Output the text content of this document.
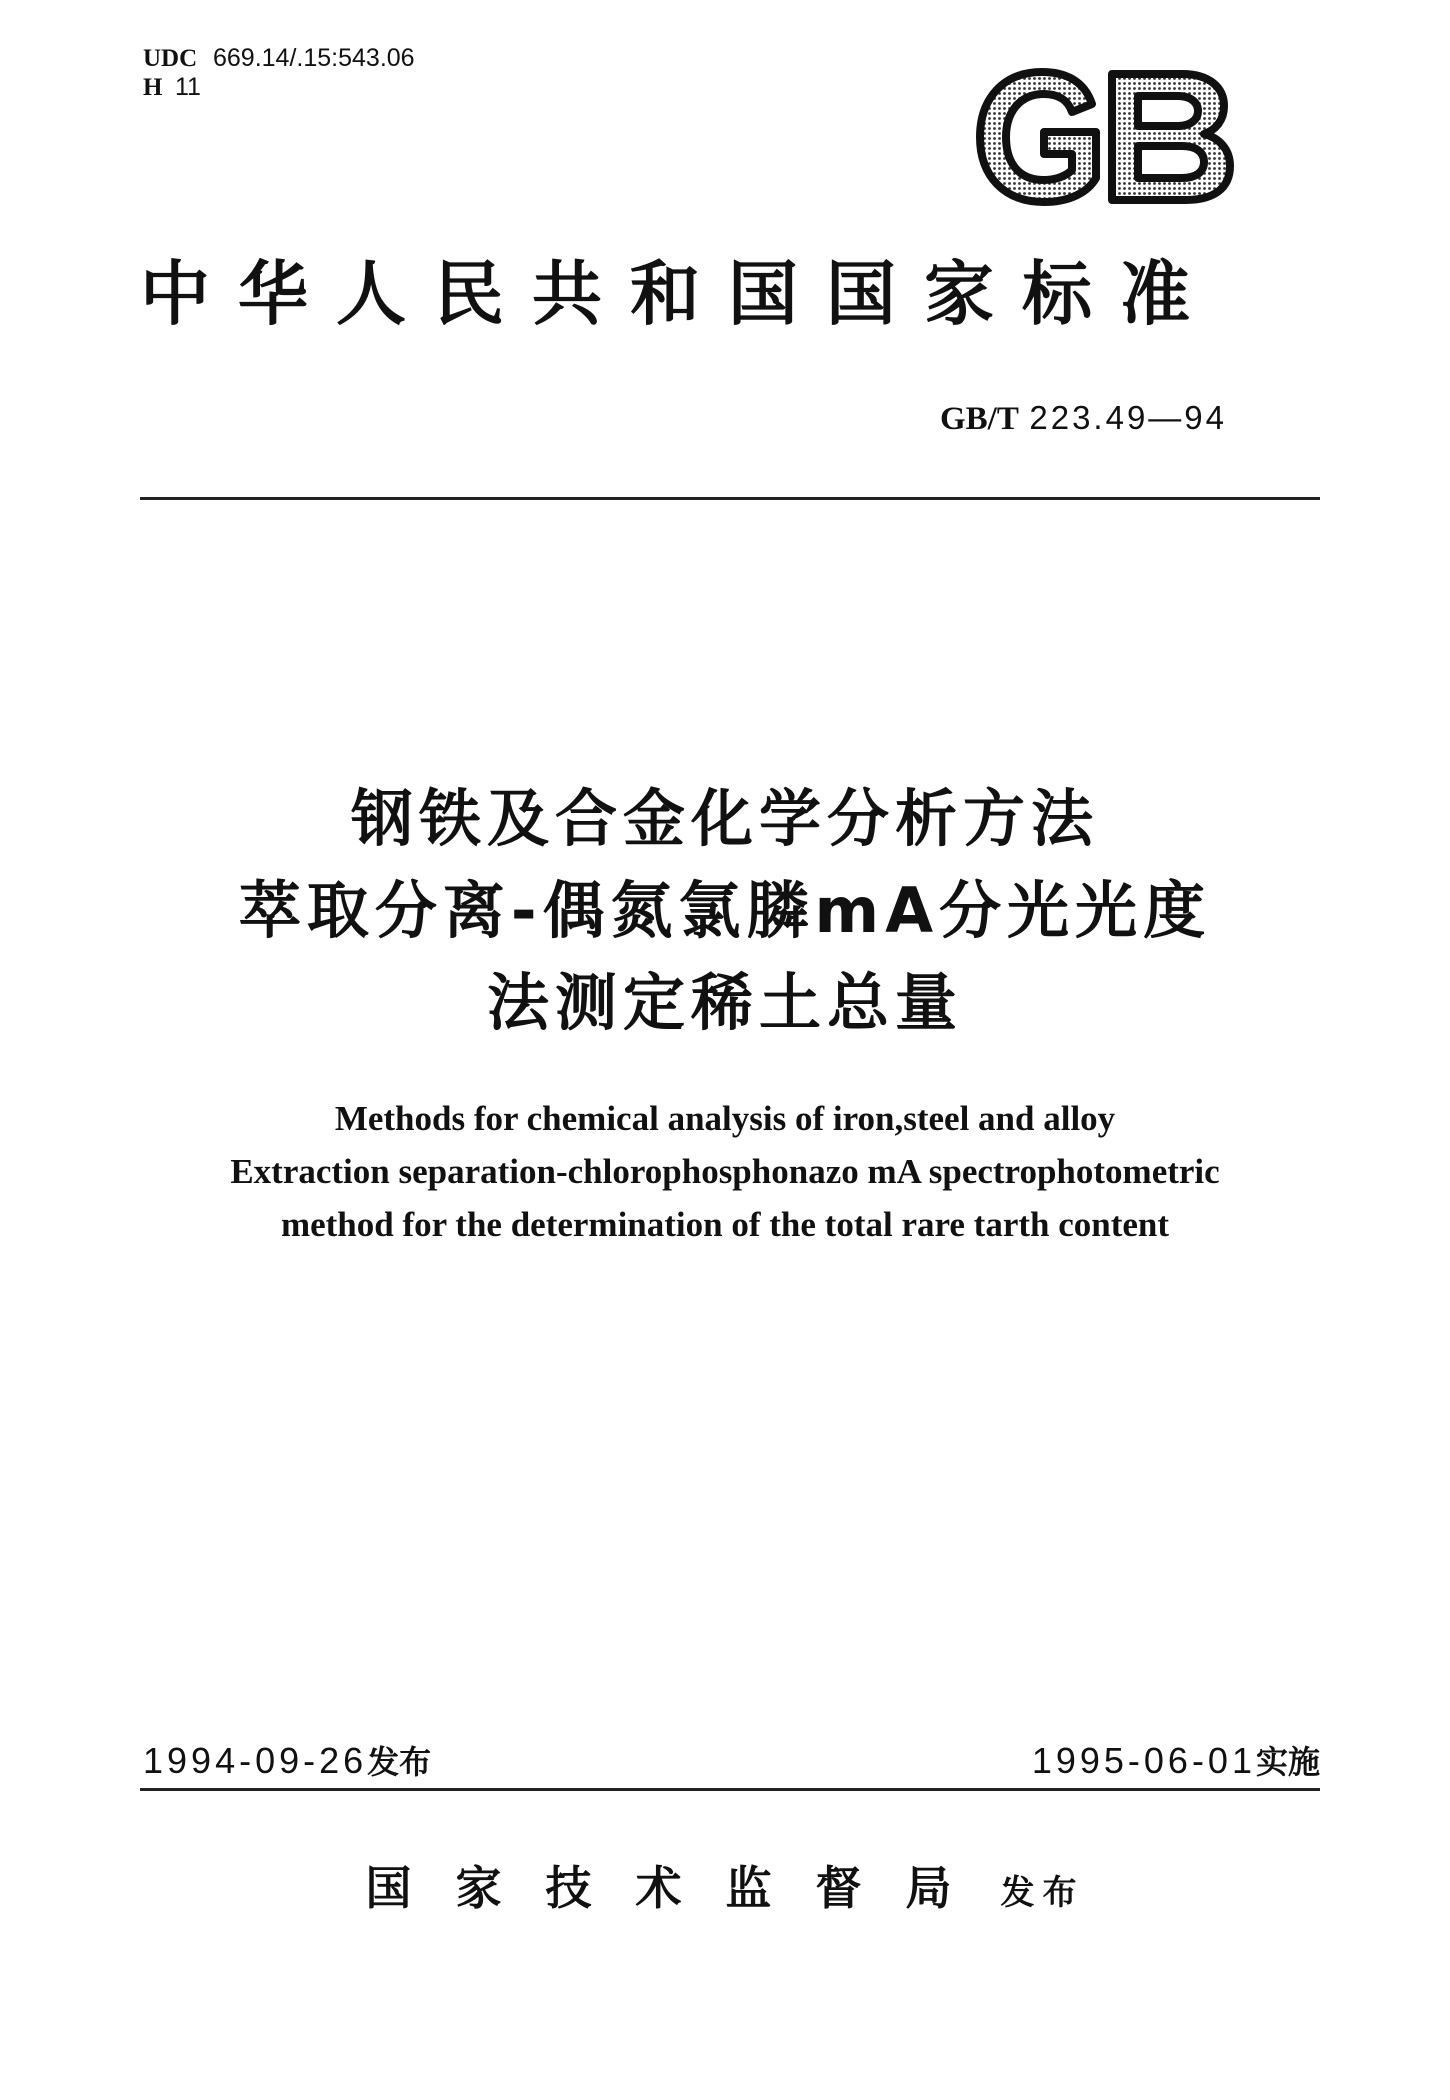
UDC 669.14/.15:543.06
H 11
中华人民共和国国家标准
GB/T 223.49—94
钢铁及合金化学分析方法
萃取分离-偶氮氯膦mA分光光度
法测定稀土总量
Methods for chemical analysis of iron,steel and alloy
Extraction separation-chlorophosphonazo mA spectrophotometric
method for the determination of the total rare tarth content
1994-09-26发布	1995-06-01实施
国家技术监督局 发布
